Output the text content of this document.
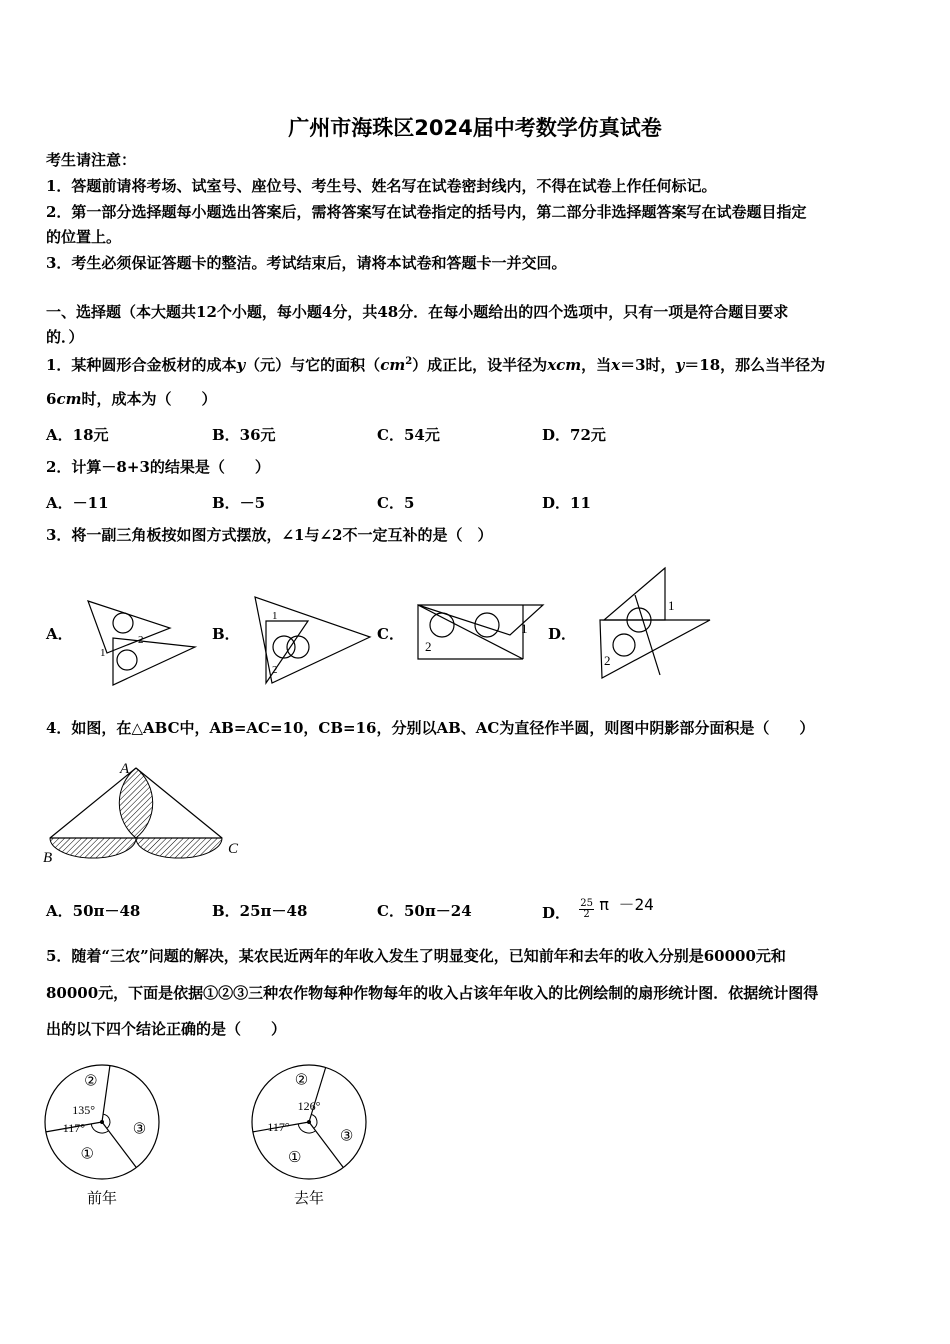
广州市海珠区2024届中考数学仿真试卷
考生请注意：
1．答题前请将考场、试室号、座位号、考生号、姓名写在试卷密封线内，不得在试卷上作任何标记。
2．第一部分选择题每小题选出答案后，需将答案写在试卷指定的括号内，第二部分非选择题答案写在试卷题目指定
的位置上。
3．考生必须保证答题卡的整洁。考试结束后，请将本试卷和答题卡一并交回。
一、选择题（本大题共12个小题，每小题4分，共48分．在每小题给出的四个选项中，只有一项是符合题目要求
的．）
1．某种圆形合金板材的成本y（元）与它的面积$(cm^2)$成正比，设半径为xcm，当x＝3时，y＝18，那么当半径为
6cm时，成本为（　　）
A．18元	B．36元	C．54元	D．72元
2．计算－8+3的结果是（　　）
A．－11	B．－5	C．5	D．11
3．将一副三角板按如图方式摆放，∠1与∠2不一定互补的是（　）
A．	B．	C．	D．
2
1
1
2
2
1
1
2
4．如图，在△ABC中，AB=AC=10，CB=16，分别以AB、AC为直径作半圆，则图中阴影部分面积是（　　）
A
B
C
A．50π－48	B．25π－48	C．50π－24	D． $\frac{25}{2}$ π －24
5．随着“三农”问题的解决，某农民近两年的年收入发生了明显变化，已知前年和去年的收入分别是60000元和
80000元，下面是依据①②③三种农作物每种作物每年的收入占该年年收入的比例绘制的扇形统计图．依据统计图得
出的以下四个结论正确的是（　　）
①
②
③
135°
117°
前年
①
②
③
126°
117°
去年
